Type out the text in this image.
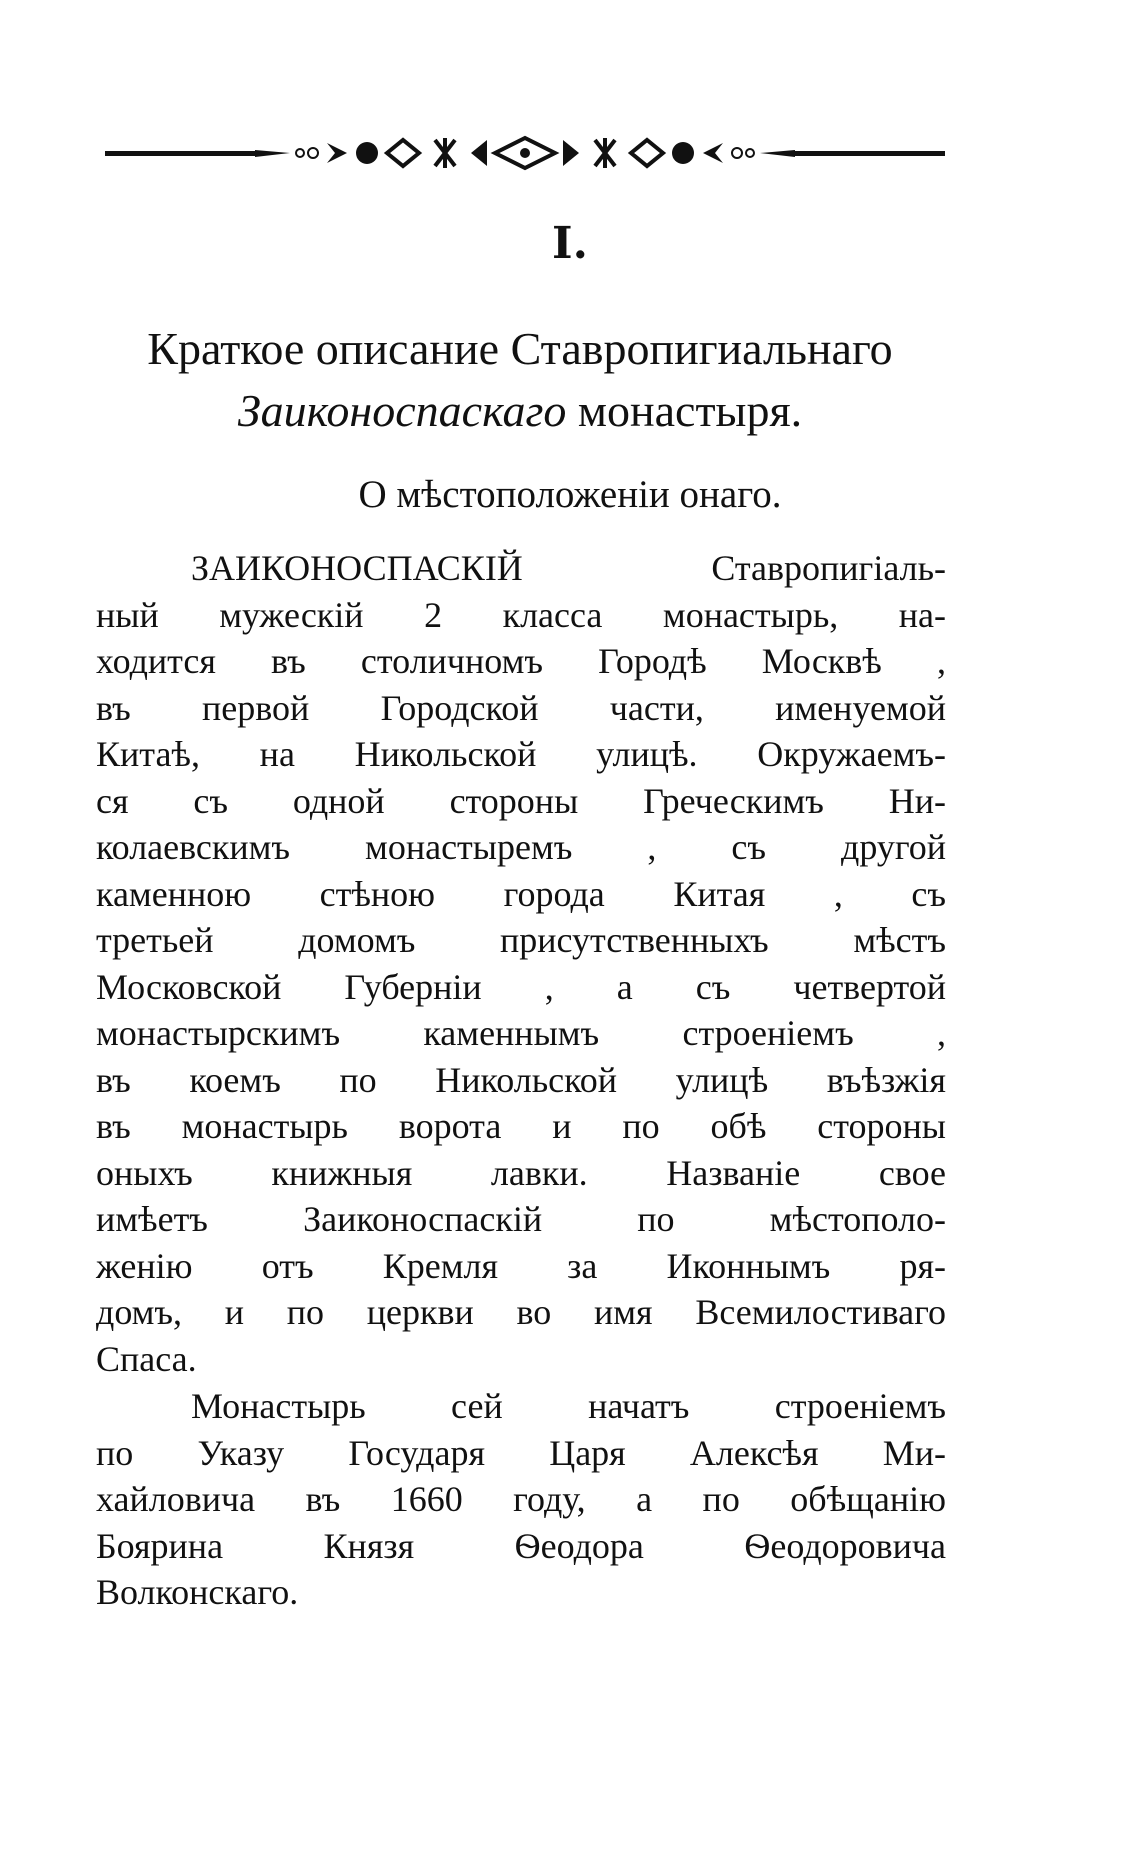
I.
Краткое описание Ставропигиальнаго
Заиконоспаскаго монастыря.
О мѣстоположеніи онаго.
ЗАИКОНОСПАСКІЙ Ставропигіаль-
ный мужескій 2 класса монастырь, на-
ходится въ столичномъ Городѣ Москвѣ ,
въ первой Городской части, именуемой
Китаѣ, на Никольской улицѣ. Окружаемъ-
ся съ одной стороны Греческимъ Ни-
колаевскимъ монастыремъ , съ другой
каменною стѣною города Китая , съ
третьей домомъ присутственныхъ мѣстъ
Московской Губерніи , а съ четвертой
монастырскимъ каменнымъ строеніемъ ,
въ коемъ по Никольской улицѣ въѣзжія
въ монастырь ворота и по обѣ стороны
оныхъ книжныя лавки. Названіе свое
имѣетъ Заиконоспаскій по мѣстополо-
женію отъ Кремля за Иконнымъ ря-
домъ, и по церкви во имя Всемилостиваго
Спаса.
Монастырь сей начатъ строеніемъ
по Указу Государя Царя Алексѣя Ми-
хайловича въ 1660 году, а по обѣщанію
Боярина Князя Ѳеодора Ѳеодоровича
Волконскаго.
